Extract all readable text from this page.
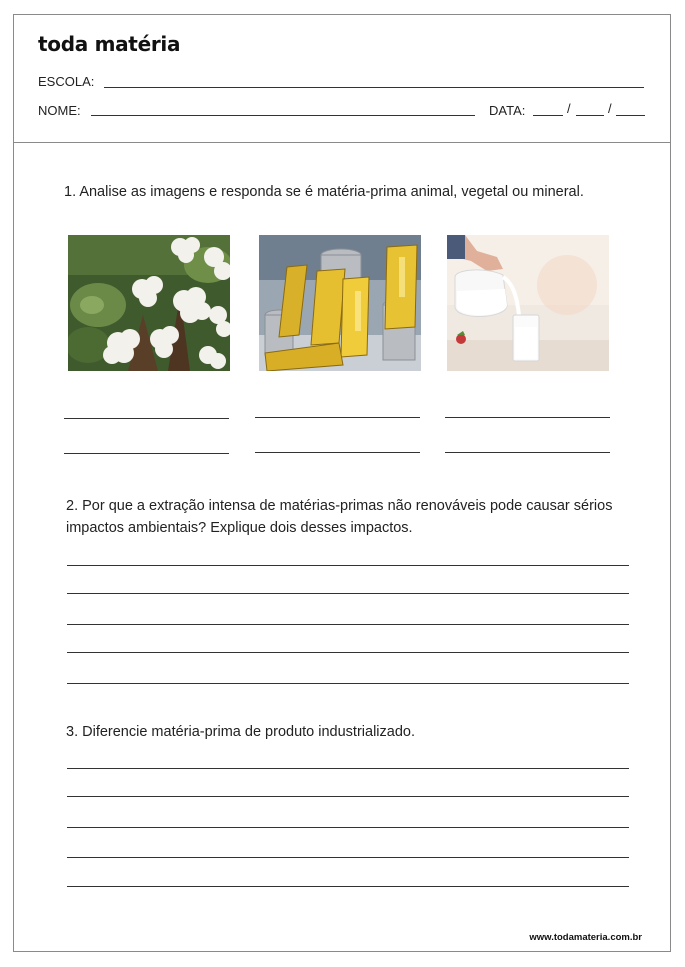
toda matéria
ESCOLA:
NOME:	DATA:	/	/
1. Analise as imagens e responda se é matéria-prima animal, vegetal ou mineral.
2. Por que a extração intensa de matérias-primas não renováveis pode causar sérios impactos ambientais? Explique dois desses impactos.
3. Diferencie matéria-prima de produto industrializado.
www.todamateria.com.br
